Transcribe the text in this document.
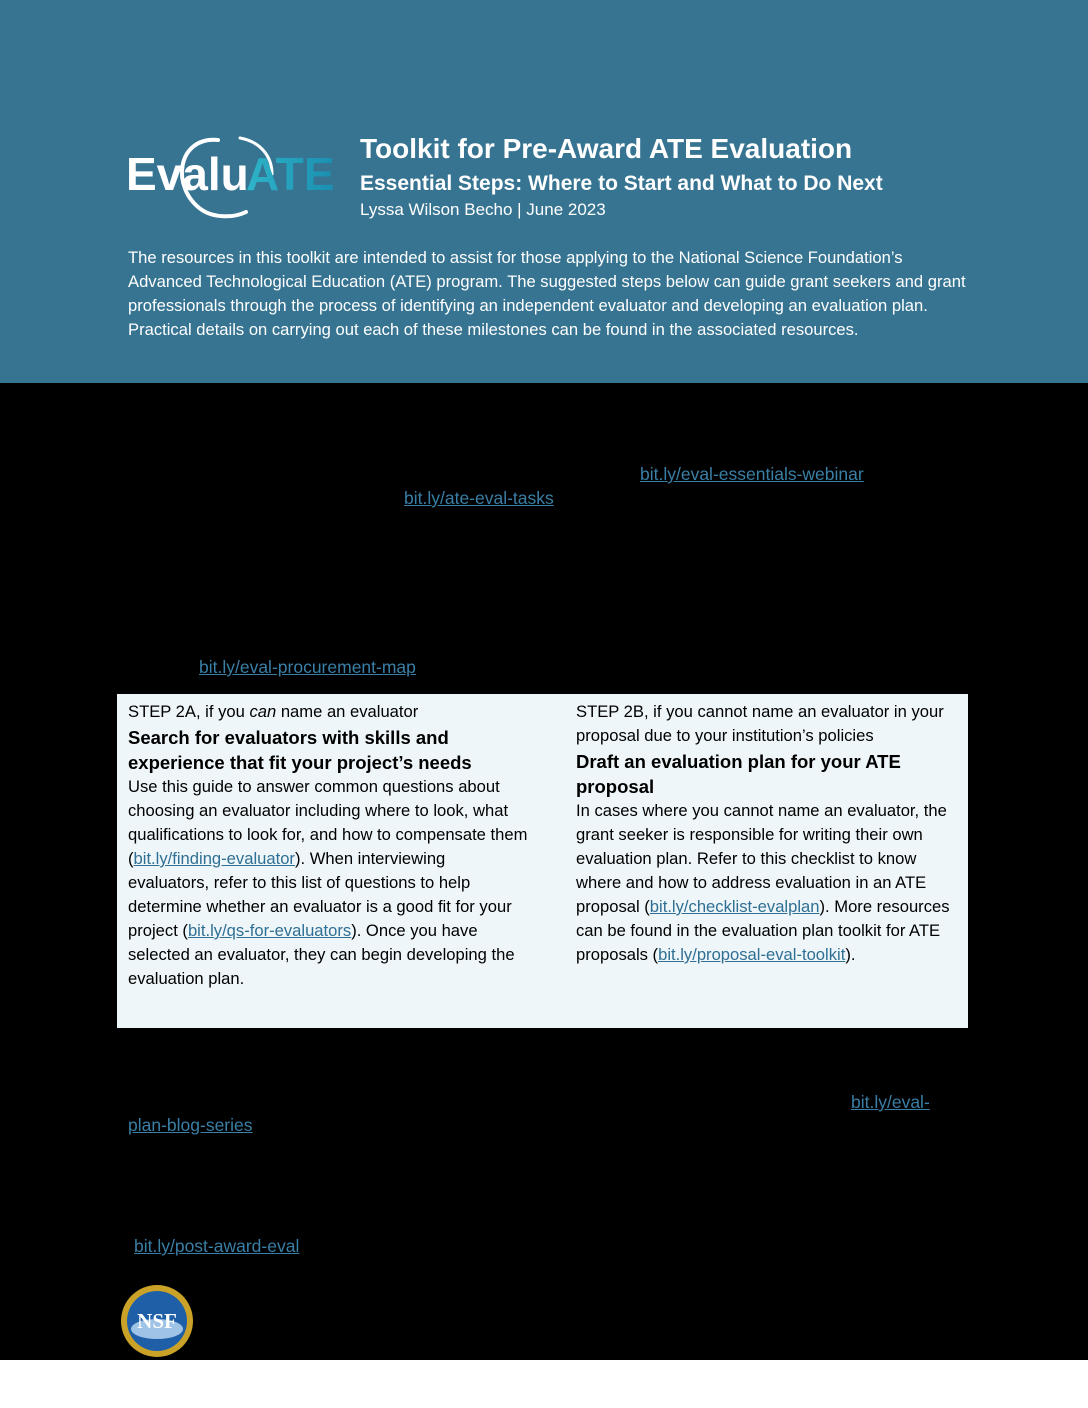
Evalu
ATE Toolkit for Pre-Award ATE Evaluation
Essential Steps: Where to Start and What to Do Next
Lyssa Wilson Becho | June 2023

The resources in this toolkit are intended to assist for those applying to the National Science Foundation’s Advanced Technological Education (ATE) program. The suggested steps below can guide grant seekers and grant professionals through the process of identifying an independent evaluator and developing an evaluation plan. Practical details on carrying out each of these milestones can be found in the associated resources.

bit.ly/eval-essentials-webinar
bit.ly/ate-eval-tasks
bit.ly/eval-procurement-map
STEP 2A, if you can name an evaluator
Search for evaluators with skills and experience that fit your project’s needs
Use this guide to answer common questions about choosing an evaluator including where to look, what qualifications to look for, and how to compensate them (bit.ly/finding-evaluator). When interviewing evaluators, refer to this list of questions to help determine whether an evaluator is a good fit for your project (bit.ly/qs-for-evaluators). Once you have selected an evaluator, they can begin developing the evaluation plan.
STEP 2B, if you cannot name an evaluator in your proposal due to your institution’s policies
Draft an evaluation plan for your ATE proposal
In cases where you cannot name an evaluator, the grant seeker is responsible for writing their own evaluation plan. Refer to this checklist to know where and how to address evaluation in an ATE proposal (bit.ly/checklist-evalplan). More resources can be found in the evaluation plan toolkit for ATE proposals (bit.ly/proposal-eval-toolkit).
bit.ly/eval-
plan-blog-series
bit.ly/post-award-eval
NSF
